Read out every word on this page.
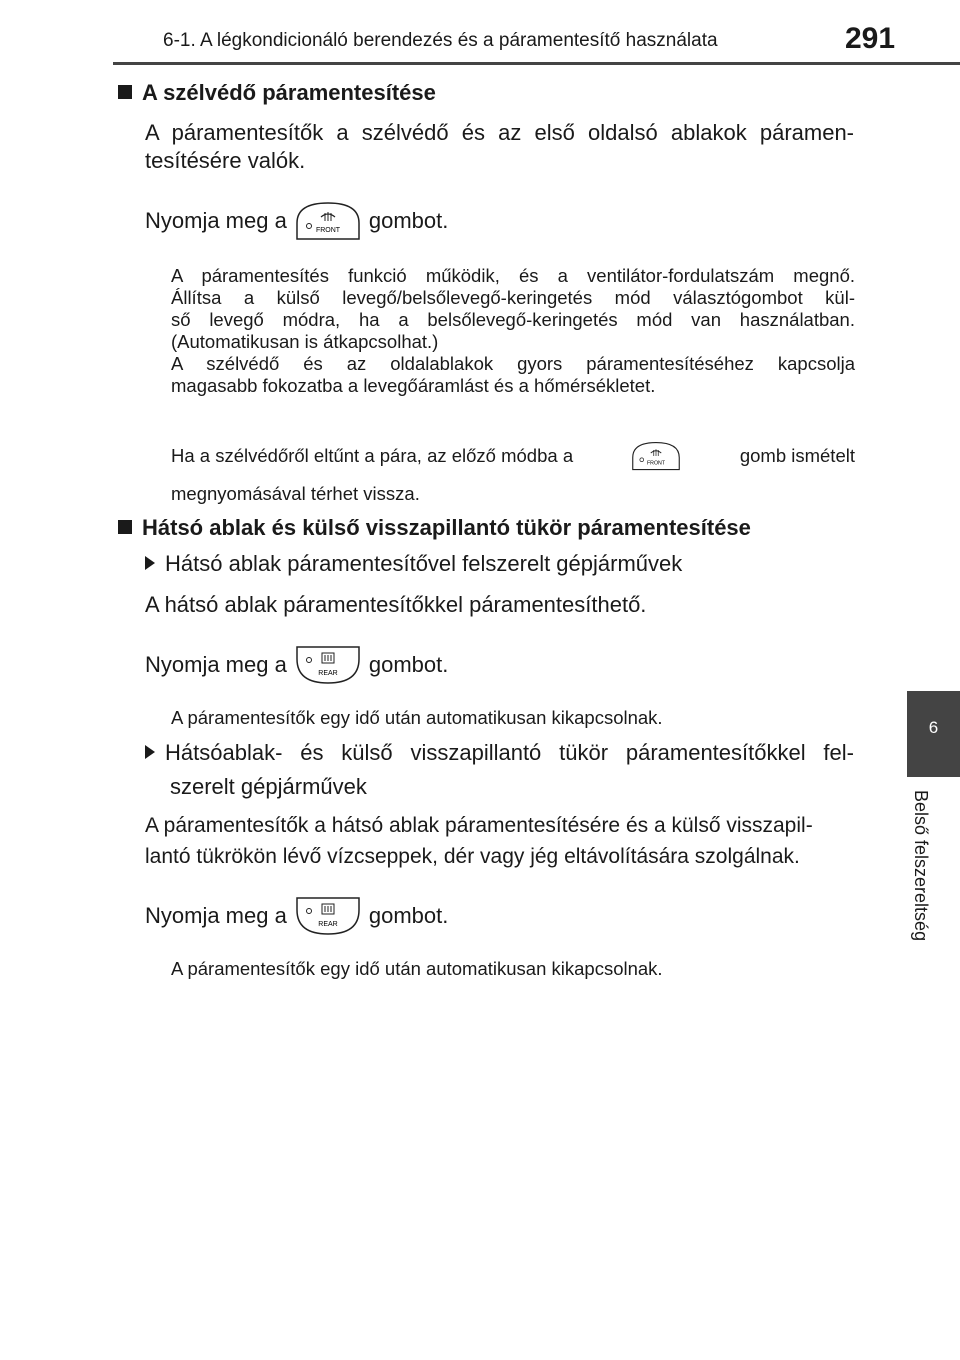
6-1. A légkondicionáló berendezés és a páramentesítő használata	291
6
Belső felszereltség
A szélvédő páramentesítése
A páramentesítők a szélvédő és az első oldalsó ablakok páramen-
tesítésére valók.
Nyomja meg a	FRONT gombot.
A páramentesítés funkció működik, és a ventilátor-fordulatszám megnő.
Állítsa a külső levegő/belsőlevegő-keringetés mód választógombot kül-
ső levegő módra, ha a belsőlevegő-keringetés mód van használatban.
(Automatikusan is átkapcsolhat.)
A szélvédő és az oldalablakok gyors páramentesítéséhez kapcsolja
magasabb fokozatba a levegőáramlást és a hőmérsékletet.
Ha a szélvédőről eltűnt a pára, az előző módba a	FRONT	gomb ismételt
megnyomásával térhet vissza.
Hátsó ablak és külső visszapillantó tükör páramentesítése
Hátsó ablak páramentesítővel felszerelt gépjárművek
A hátsó ablak páramentesítőkkel páramentesíthető.
Nyomja meg a	REAR gombot.
A páramentesítők egy idő után automatikusan kikapcsolnak.
Hátsóablak- és külső visszapillantó tükör páramentesítőkkel fel-
szerelt gépjárművek
A páramentesítők a hátsó ablak páramentesítésére és a külső visszapil-
lantó tükrökön lévő vízcseppek, dér vagy jég eltávolítására szolgálnak.
Nyomja meg a	REAR gombot.
A páramentesítők egy idő után automatikusan kikapcsolnak.
